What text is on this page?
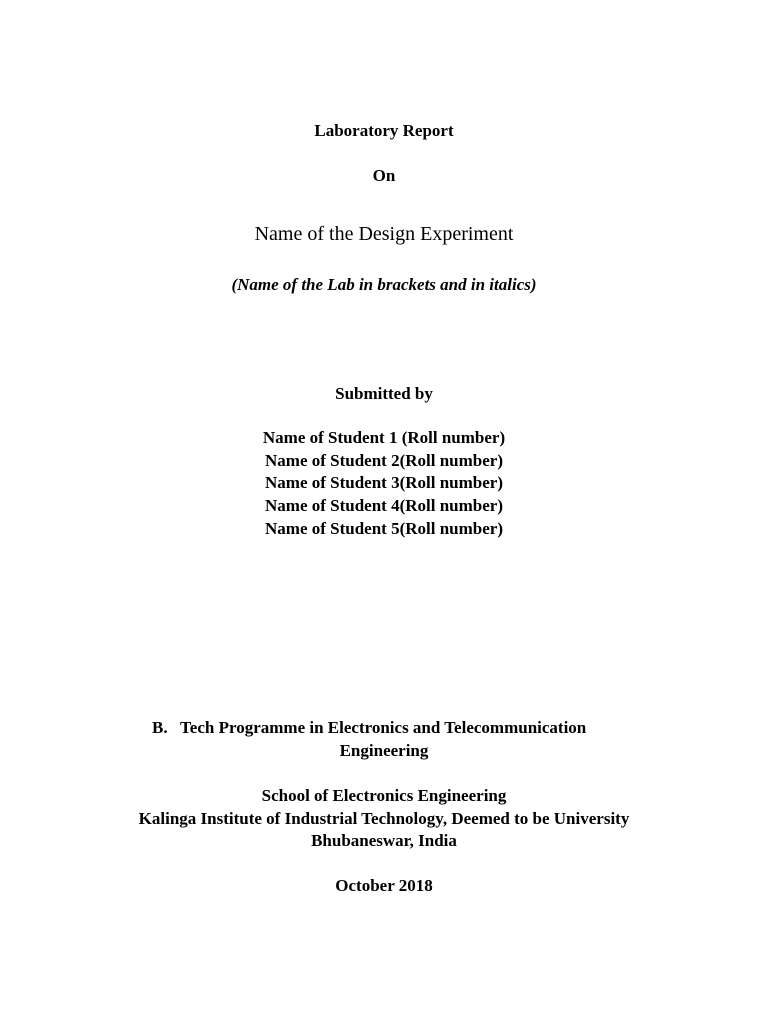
Laboratory Report
On
Name of the Design Experiment
(Name of the Lab in brackets and in italics)
Submitted by
Name of Student 1 (Roll number)
Name of Student 2(Roll number)
Name of Student 3(Roll number)
Name of Student 4(Roll number)
Name of Student 5(Roll number)
B. Tech Programme in Electronics and Telecommunication
Engineering
School of Electronics Engineering
Kalinga Institute of Industrial Technology, Deemed to be University
Bhubaneswar, India
October 2018
